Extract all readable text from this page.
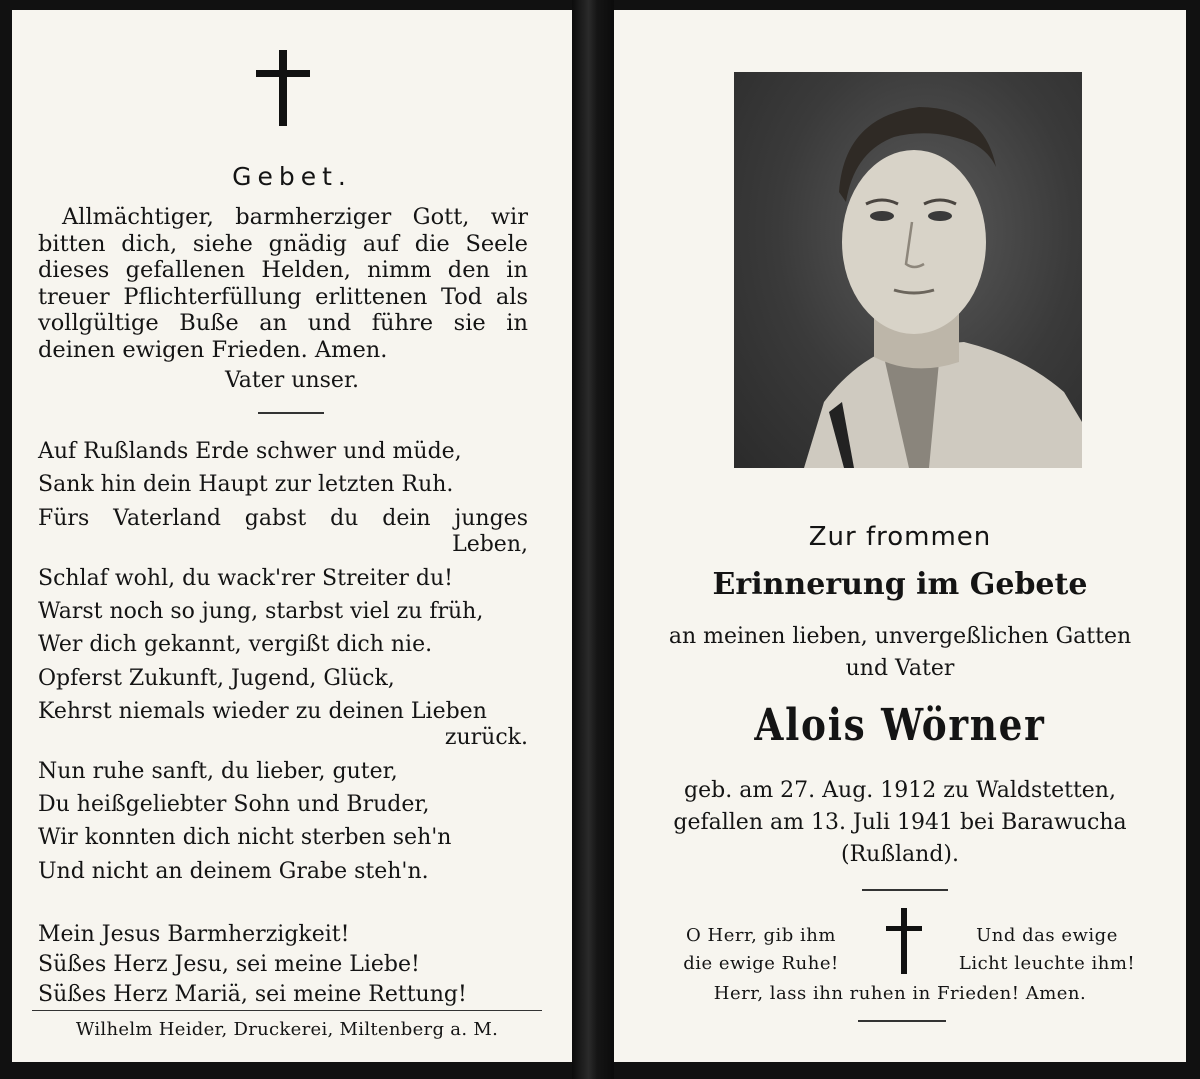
Gebet.
Allmächtiger, barmherziger Gott, wir
bitten dich, siehe gnädig auf die Seele
dieses gefallenen Helden, nimm den in
treuer Pflichterfüllung erlittenen Tod als
vollgültige Buße an und führe sie in
deinen ewigen Frieden. Amen.
Vater unser.
Auf Rußlands Erde schwer und müde,
Sank hin dein Haupt zur letzten Ruh.
Fürs Vaterland gabst du dein junges
Leben,
Schlaf wohl, du wack'rer Streiter du!
Warst noch so jung, starbst viel zu früh,
Wer dich gekannt, vergißt dich nie.
Opferst Zukunft, Jugend, Glück,
Kehrst niemals wieder zu deinen Lieben
zurück.
Nun ruhe sanft, du lieber, guter,
Du heißgeliebter Sohn und Bruder,
Wir konnten dich nicht sterben seh'n
Und nicht an deinem Grabe steh'n.
Mein Jesus Barmherzigkeit!
Süßes Herz Jesu, sei meine Liebe!
Süßes Herz Mariä, sei meine Rettung!
Wilhelm Heider, Druckerei, Miltenberg a. M.
Zur frommen
Erinnerung im Gebete
an meinen lieben, unvergeßlichen Gatten
und Vater
Alois Wörner
geb. am 27. Aug. 1912 zu Waldstetten,
gefallen am 13. Juli 1941 bei Barawucha
(Rußland).
O Herr, gib ihm
die ewige Ruhe!
Und das ewige
Licht leuchte ihm!
Herr, lass ihn ruhen in Frieden! Amen.
